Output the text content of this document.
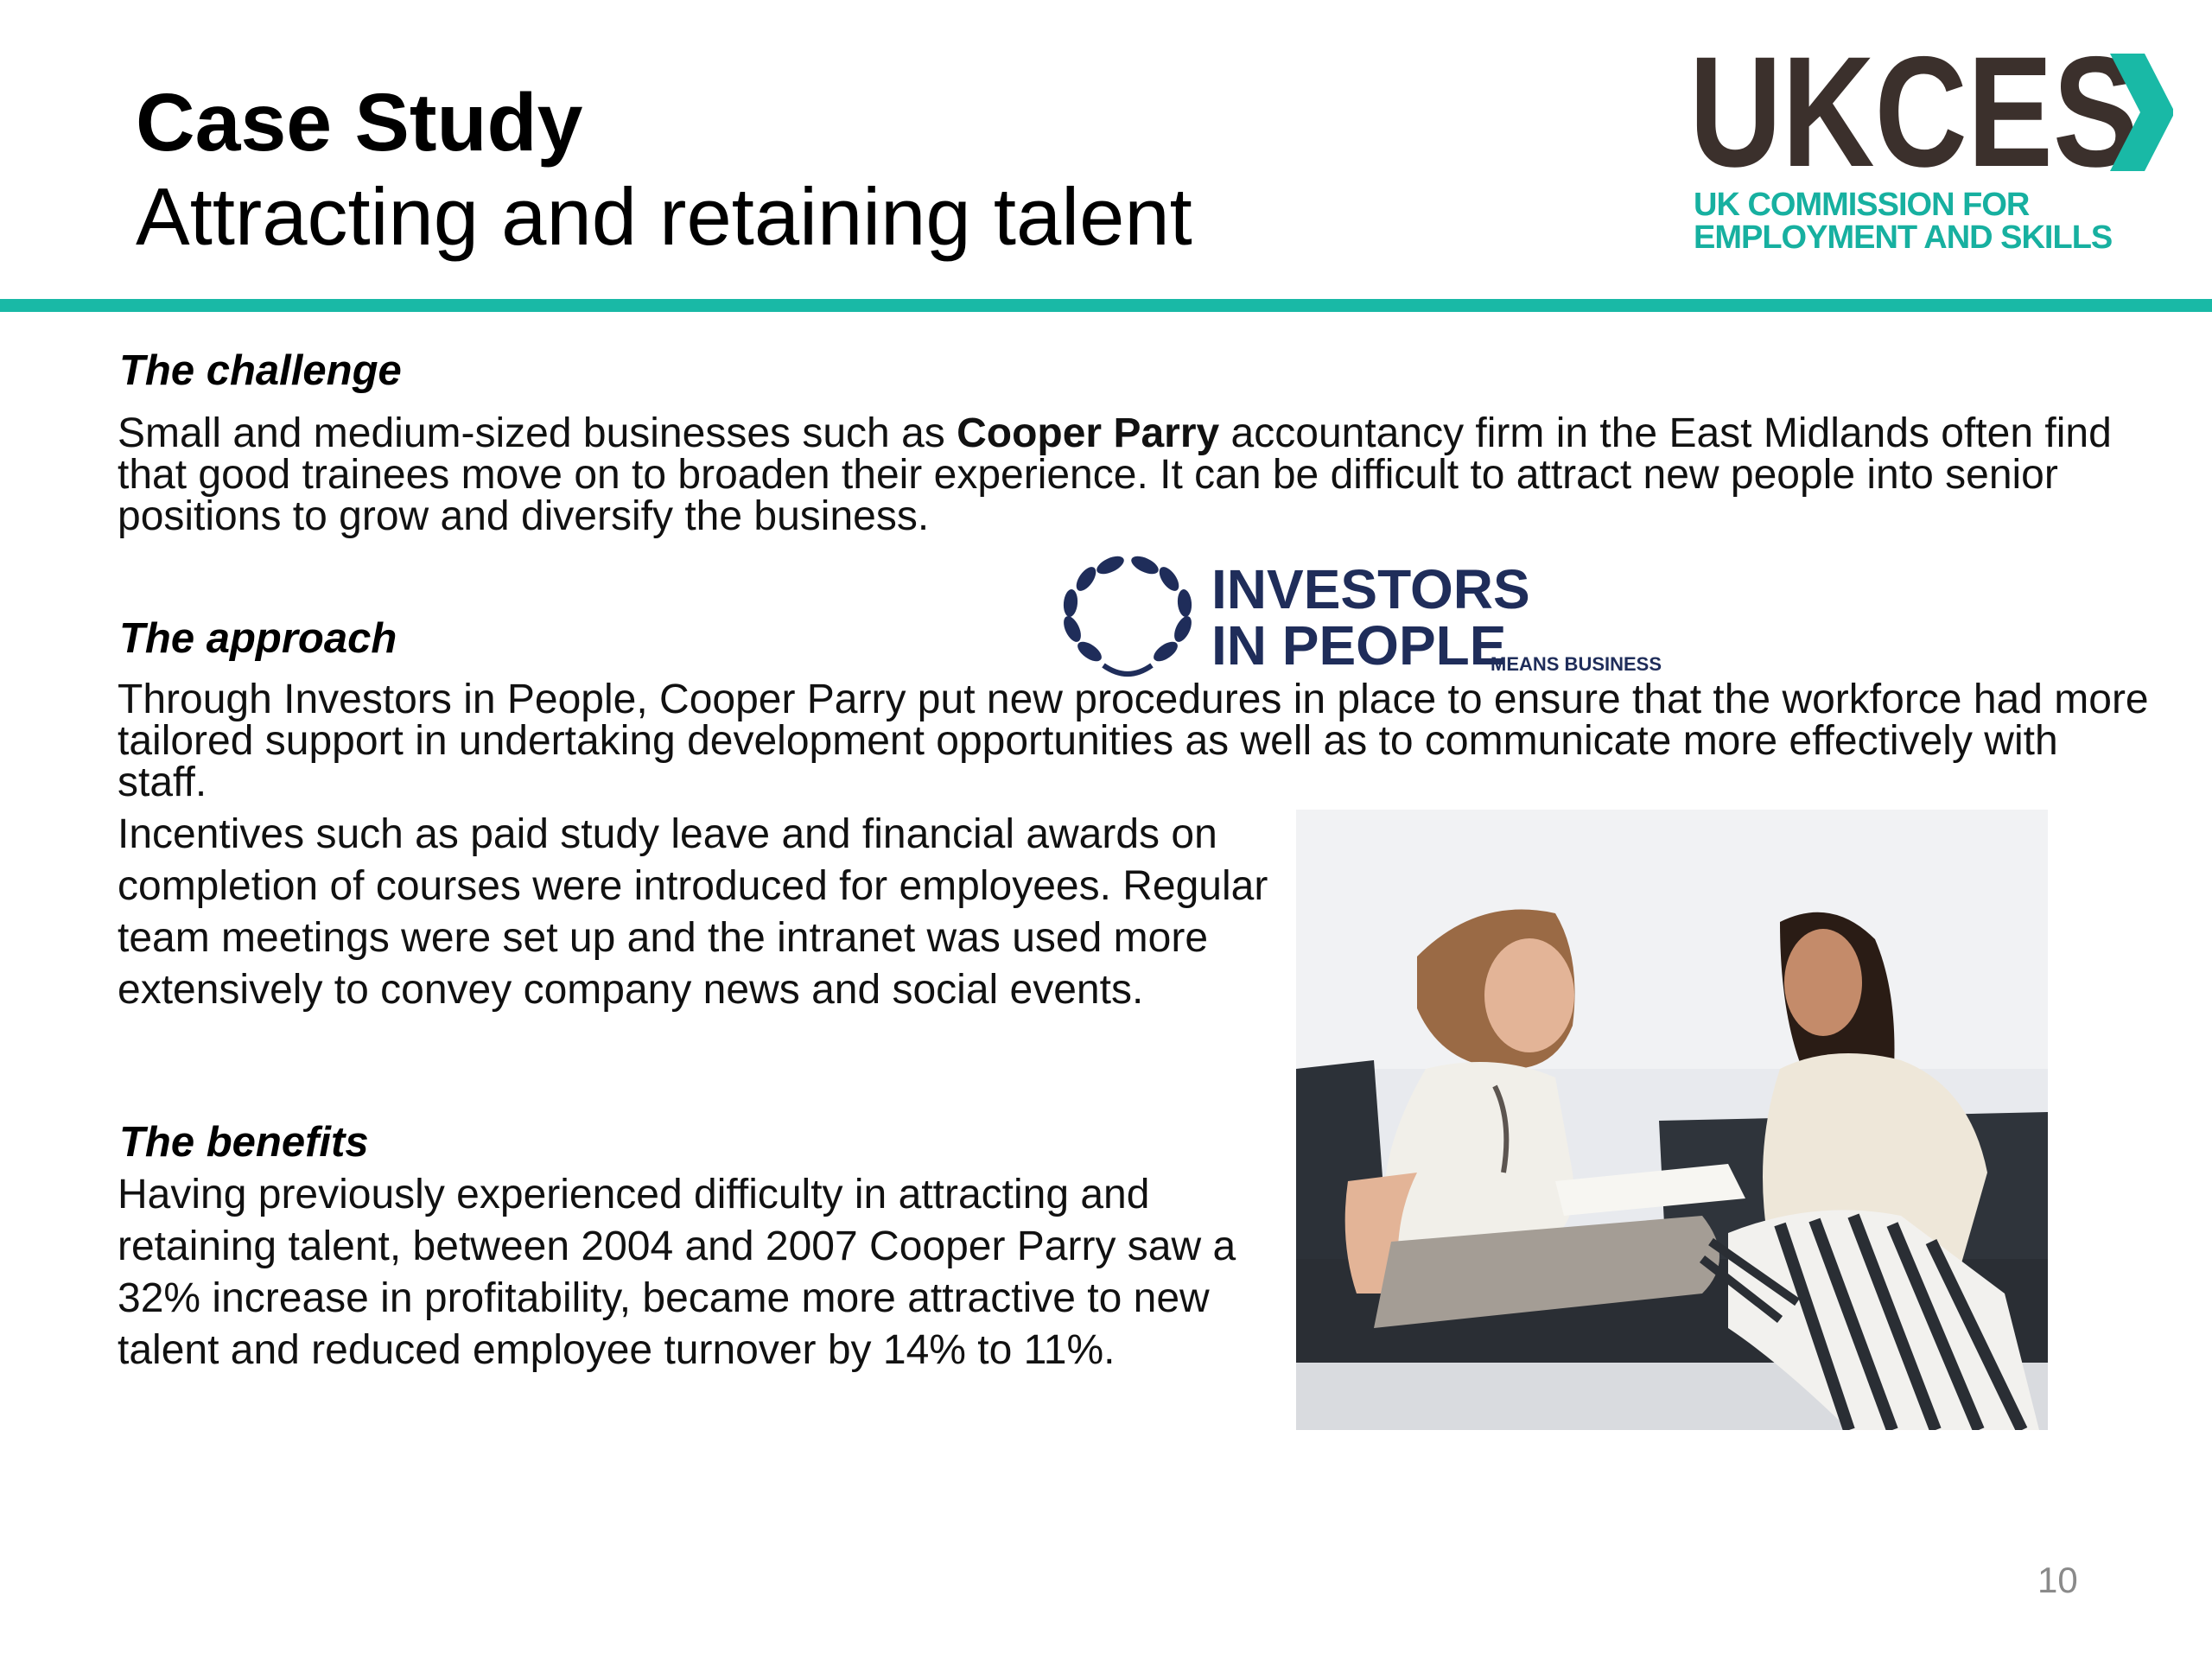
Case Study
Attracting and retaining talent
UKCES
UK COMMISSION FOR
EMPLOYMENT AND SKILLS
The challenge

Small and medium-sized businesses such as Cooper Parry accountancy firm in the East Midlands often find that good trainees move on to broaden their experience. It can be difficult to attract new people into senior positions to grow and diversify the business.

INVESTORS
IN PEOPLE
MEANS BUSINESS
The approach

Through Investors in People, Cooper Parry put new procedures in place to ensure that the workforce had more tailored support in undertaking development opportunities as well as to communicate more effectively with staff.

Incentives such as paid study leave and financial awards on completion of courses were introduced for employees. Regular team meetings were set up and the intranet was used more extensively to convey company news and social events.

The benefits

Having previously experienced difficulty in attracting and retaining talent, between 2004 and 2007 Cooper Parry saw a 32% increase in profitability, became more attractive to new talent and reduced employee turnover by 14% to 11%.

10
